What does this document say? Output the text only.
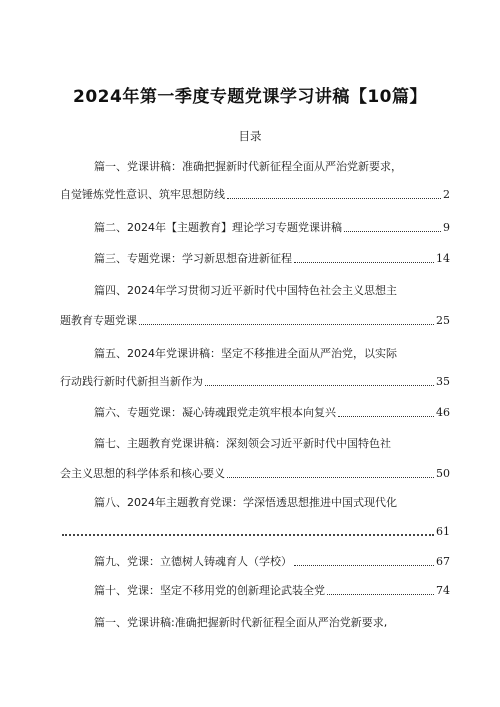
2024年第一季度专题党课学习讲稿【10篇】
目录
篇一、党课讲稿：准确把握新时代新征程全面从严治党新要求，
自觉锤炼党性意识、筑牢思想防线	2
篇二、2024年【主题教育】理论学习专题党课讲稿	9
篇三、专题党课：学习新思想奋进新征程	14
篇四、2024年学习贯彻习近平新时代中国特色社会主义思想主
题教育专题党课	25
篇五、2024年党课讲稿：坚定不移推进全面从严治党，以实际
行动践行新时代新担当新作为	35
篇六、专题党课：凝心铸魂跟党走筑牢根本向复兴	46
篇七、主题教育党课讲稿：深刻领会习近平新时代中国特色社
会主义思想的科学体系和核心要义	50
篇八、2024年主题教育党课：学深悟透思想推进中国式现代化
61
篇九、党课：立德树人铸魂育人（学校）	67
篇十、党课：坚定不移用党的创新理论武装全党	74
篇一、党课讲稿:准确把握新时代新征程全面从严治党新要求,
